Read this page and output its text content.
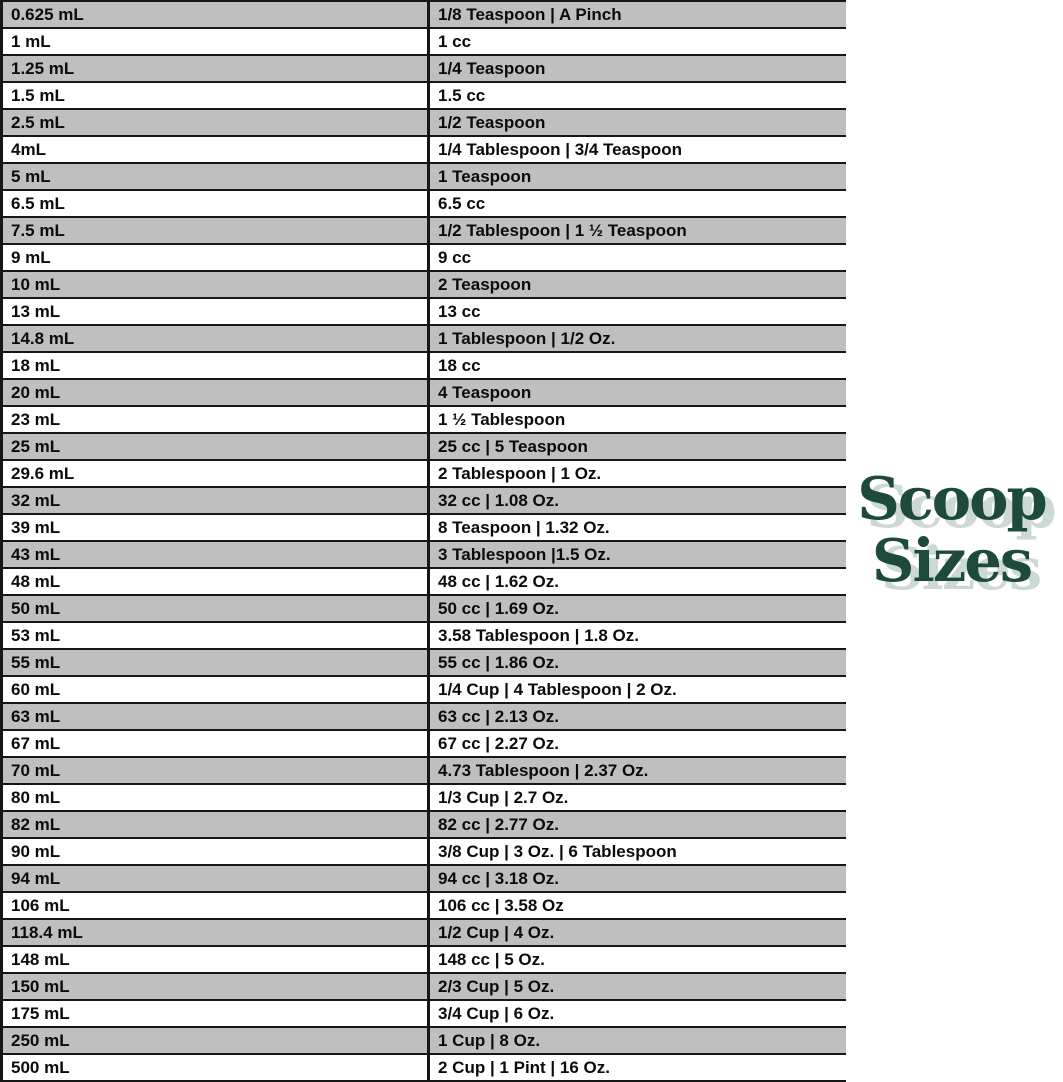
0.625 mL	1/8 Teaspoon | A Pinch
1 mL	1 cc
1.25 mL	1/4 Teaspoon
1.5 mL	1.5 cc
2.5 mL	1/2 Teaspoon
4mL	1/4 Tablespoon | 3/4 Teaspoon
5 mL	1 Teaspoon
6.5 mL	6.5 cc
7.5 mL	1/2 Tablespoon | 1 ½ Teaspoon
9 mL	9 cc
10 mL	2 Teaspoon
13 mL	13 cc
14.8 mL	1 Tablespoon | 1/2 Oz.
18 mL	18 cc
20 mL	4 Teaspoon
23 mL	1 ½ Tablespoon
25 mL	25 cc | 5 Teaspoon
29.6 mL	2 Tablespoon | 1 Oz.
32 mL	32 cc | 1.08 Oz.
39 mL	8 Teaspoon | 1.32 Oz.
43 mL	3 Tablespoon |1.5 Oz.
48 mL	48 cc | 1.62 Oz.
50 mL	50 cc | 1.69 Oz.
53 mL	3.58 Tablespoon | 1.8 Oz.
55 mL	55 cc | 1.86 Oz.
60 mL	1/4 Cup | 4 Tablespoon | 2 Oz.
63 mL	63 cc | 2.13 Oz.
67 mL	67 cc | 2.27 Oz.
70 mL	4.73 Tablespoon | 2.37 Oz.
80 mL	1/3 Cup | 2.7 Oz.
82 mL	82 cc | 2.77 Oz.
90 mL	3/8 Cup | 3 Oz. | 6 Tablespoon
94 mL	94 cc | 3.18 Oz.
106 mL	106 cc | 3.58 Oz
118.4 mL	1/2 Cup | 4 Oz.
148 mL	148 cc | 5 Oz.
150 mL	2/3 Cup | 5 Oz.
175 mL	3/4 Cup | 6 Oz.
250 mL	1 Cup | 8 Oz.
500 mL	2 Cup | 1 Pint | 16 Oz.
Scoop
Sizes
